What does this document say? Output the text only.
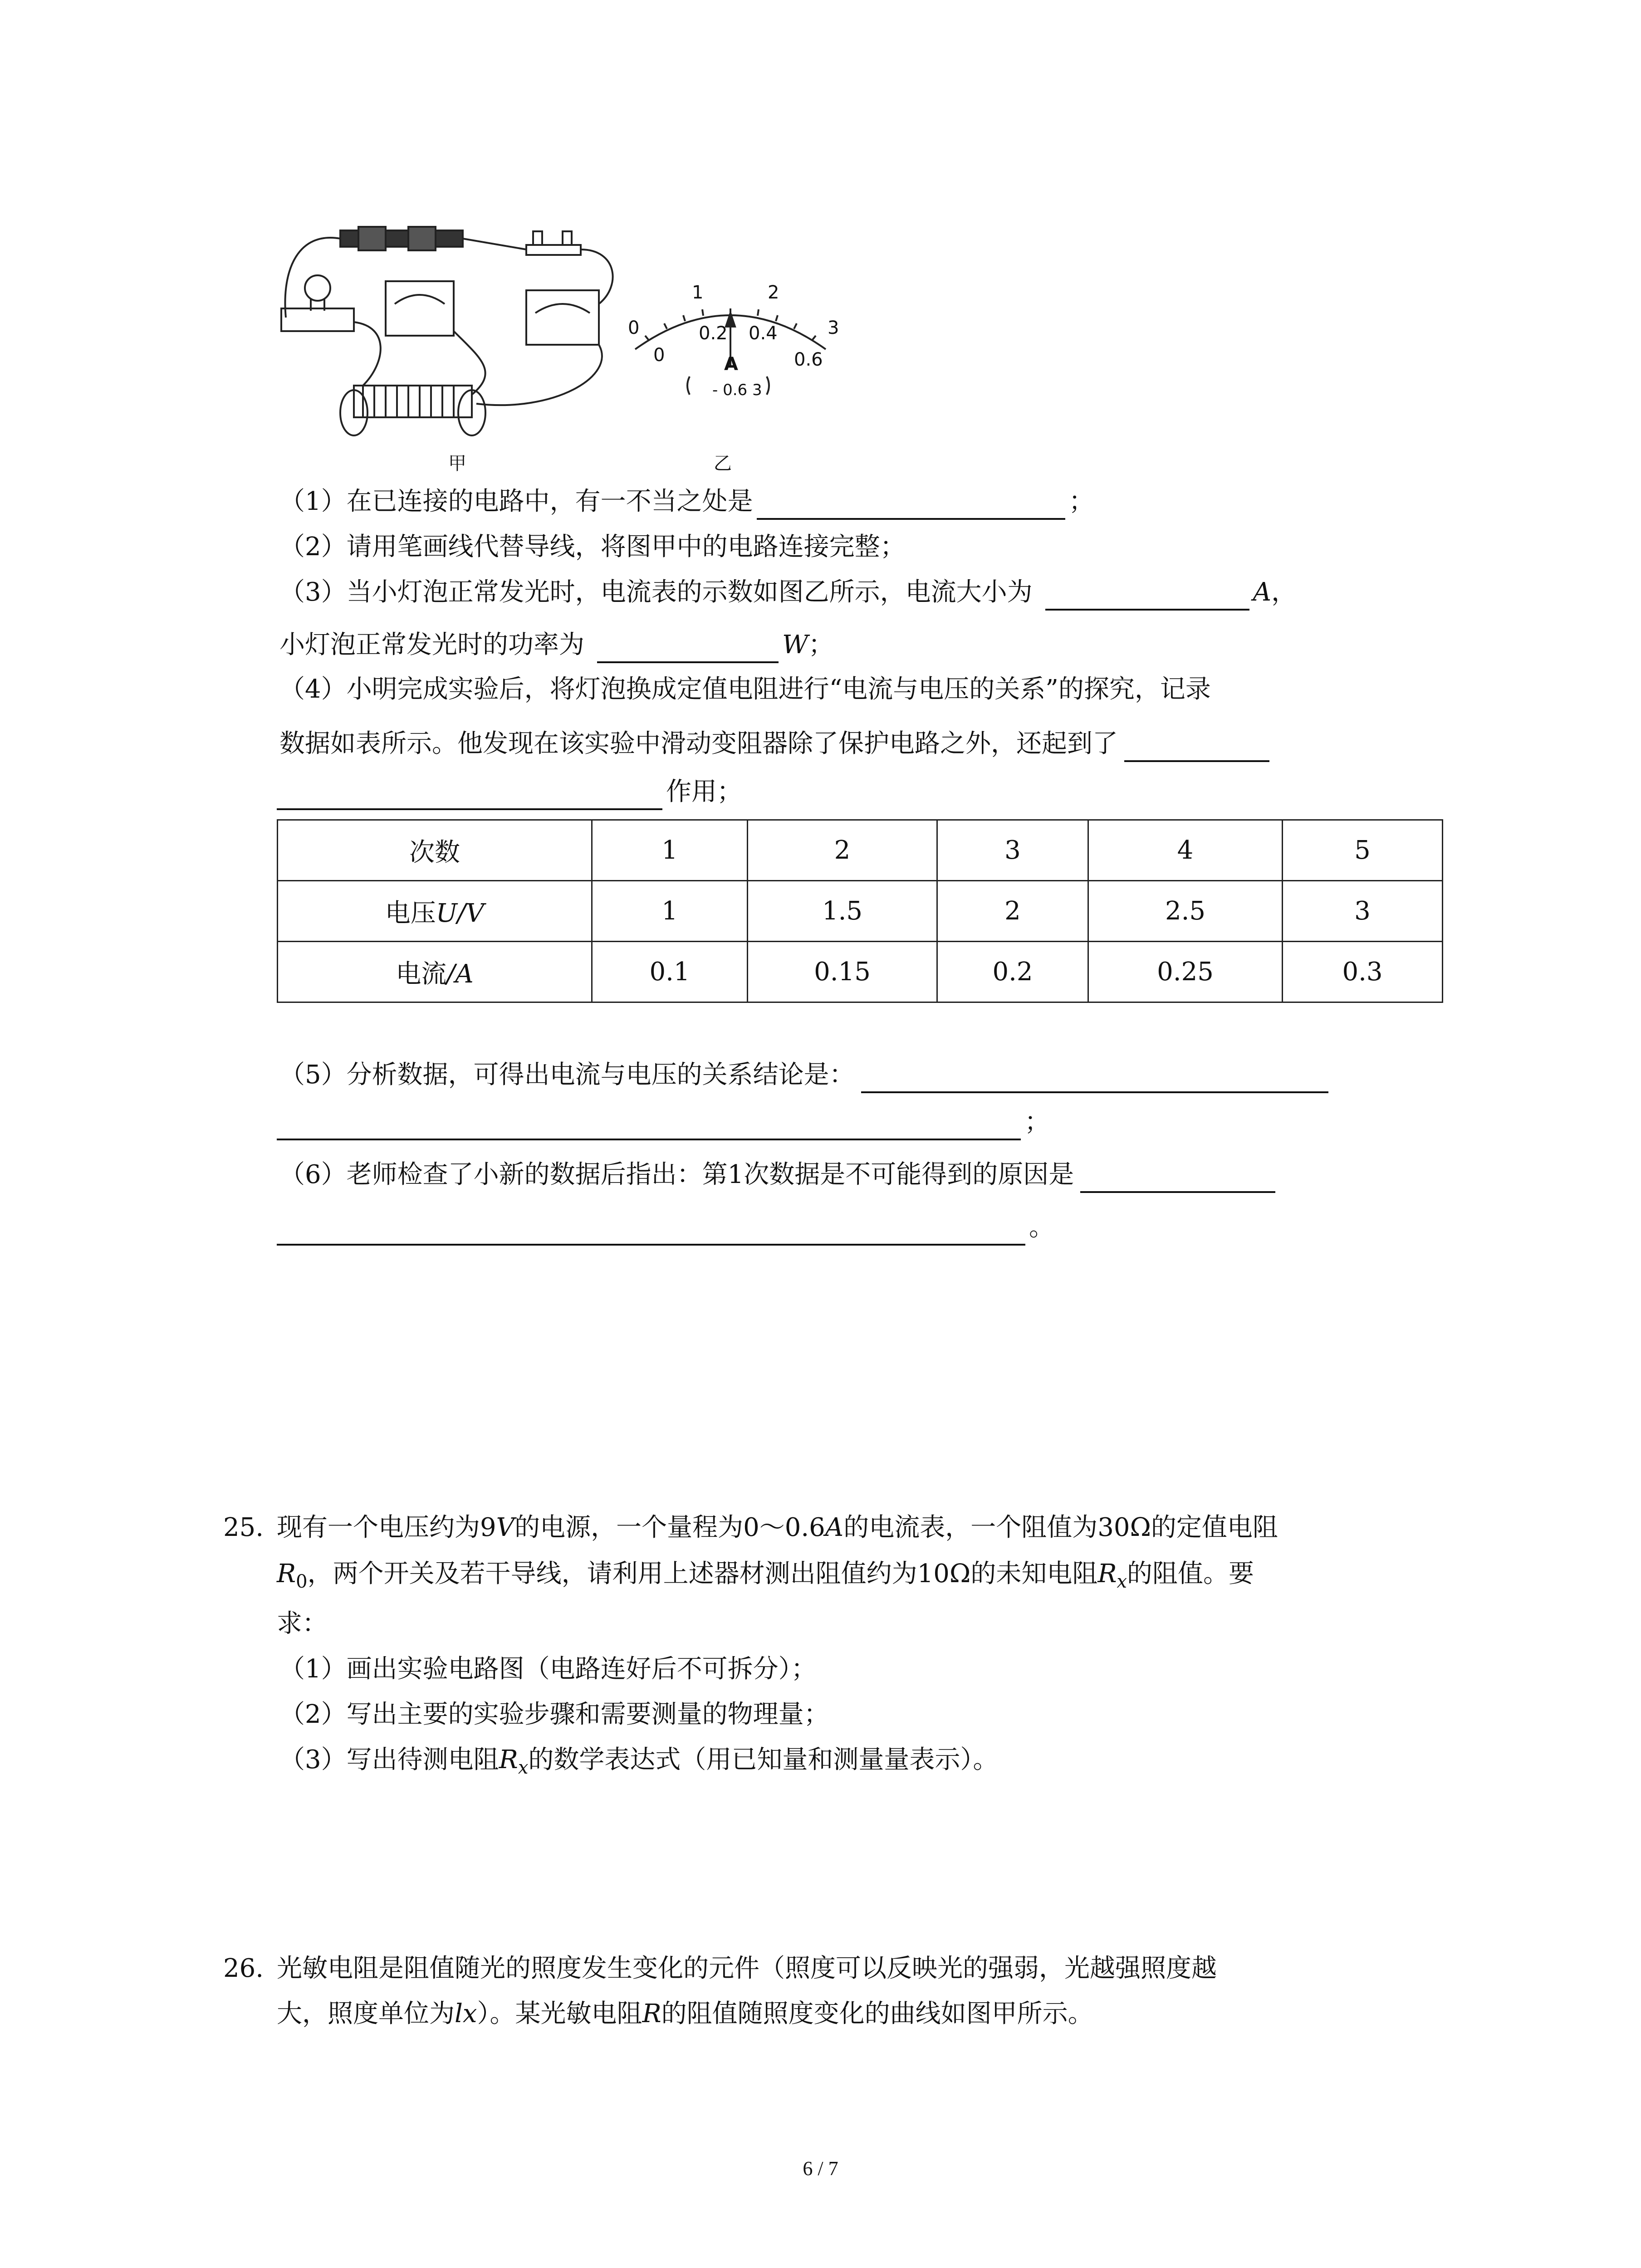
甲
1	2
0.2 0.4
0	3
0	0.6
A
- 0.6 3
乙
（1）在已连接的电路中，有一不当之处是	；
（2）请用笔画线代替导线，将图甲中的电路连接完整；
（3）当小灯泡正常发光时，电流表的示数如图乙所示，电流大小为	A，
小灯泡正常发光时的功率为	W；
（4）小明完成实验后，将灯泡换成定值电阻进行“电流与电压的关系”的探究，记录
数据如表所示。他发现在该实验中滑动变阻器除了保护电路之外，还起到了
作用；
次数	1	2	3	4	5
电压U/V	1	1.5	2	2.5	3
电流/A	0.1	0.15	0.2	0.25	0.3
（5）分析数据，可得出电流与电压的关系结论是：
；
（6）老师检查了小新的数据后指出：第1次数据是不可能得到的原因是
。
25. 现有一个电压约为9V的电源，一个量程为0～0.6A的电流表，一个阻值为30Ω的定值电阻
$R_0$，两个开关及若干导线，请利用上述器材测出阻值约为10Ω的未知电阻$R_x$的阻值。要
求：
（1）画出实验电路图（电路连好后不可拆分）；
（2）写出主要的实验步骤和需要测量的物理量；
（3）写出待测电阻$R_x$的数学表达式（用已知量和测量量表示）。
26. 光敏电阻是阻值随光的照度发生变化的元件（照度可以反映光的强弱，光越强照度越
大，照度单位为lx）。某光敏电阻R的阻值随照度变化的曲线如图甲所示。
6 / 7
